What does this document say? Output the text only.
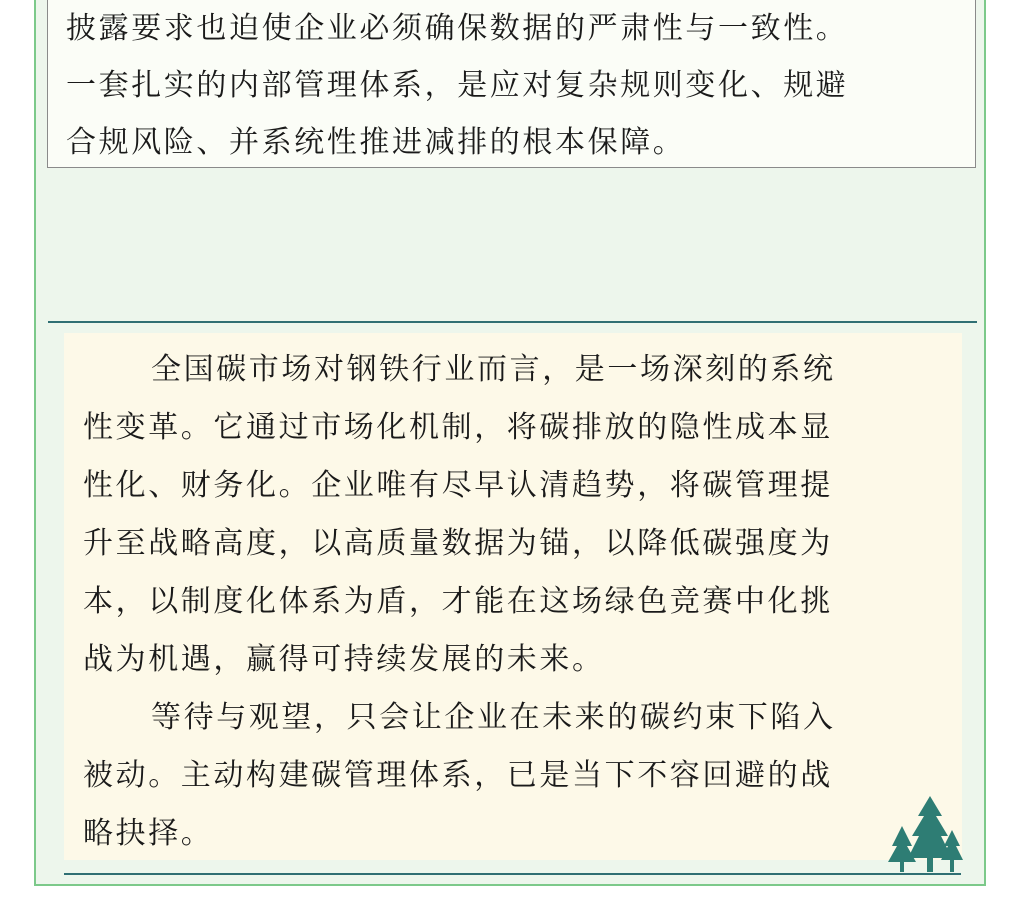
披露要求也迫使企业必须确保数据的严肃性与一致性。
一套扎实的内部管理体系，是应对复杂规则变化、规避
合规风险、并系统性推进减排的根本保障。
全国碳市场对钢铁行业而言，是一场深刻的系统
性变革。它通过市场化机制，将碳排放的隐性成本显
性化、财务化。企业唯有尽早认清趋势，将碳管理提
升至战略高度，以高质量数据为锚，以降低碳强度为
本，以制度化体系为盾，才能在这场绿色竞赛中化挑
战为机遇，赢得可持续发展的未来。
等待与观望，只会让企业在未来的碳约束下陷入
被动。主动构建碳管理体系，已是当下不容回避的战
略抉择。
